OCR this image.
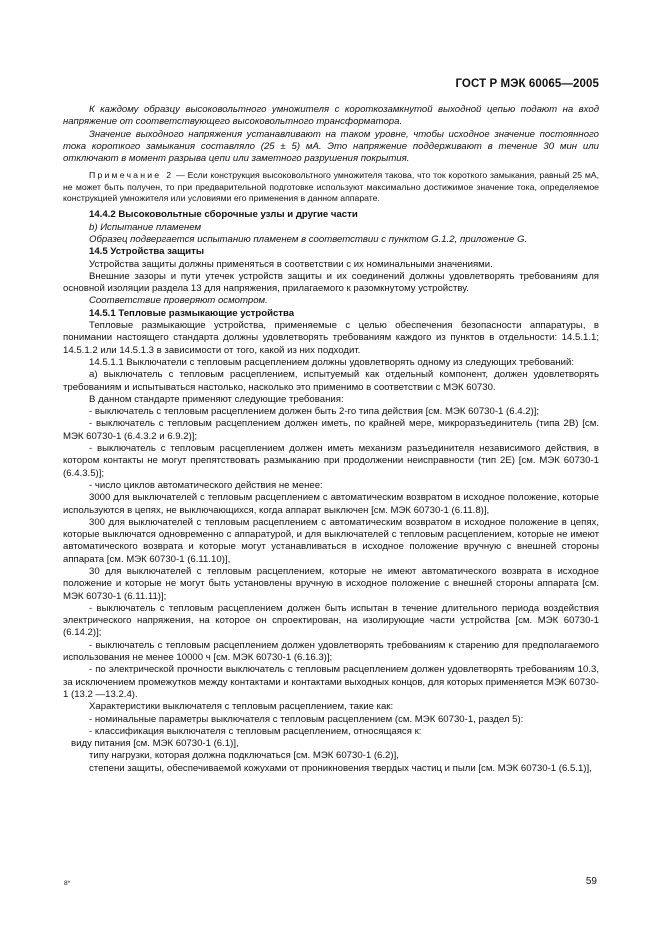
ГОСТ Р МЭК 60065—2005

К каждому образцу высоковольтного умножителя с короткозамкнутой выходной цепью подают на вход напряжение от соответствующего высоковольтного трансформатора.

Значение выходного напряжения устанавливают на таком уровне, чтобы исходное значение постоянного тока короткого замыкания составляло (25 ± 5) мА. Это напряжение поддерживают в течение 30 мин или отключают в момент разрыва цепи или заметного разрушения покрытия.

Примечание 2 — Если конструкция высоковольтного умножителя такова, что ток короткого замыкания, равный 25 мА, не может быть получен, то при предварительной подготовке используют максимально достижимое значение тока, определяемое конструкцией умножителя или условиями его применения в данном аппарате.

14.4.2 Высоковольтные сборочные узлы и другие части

b) Испытание пламенем

Образец подвергается испытанию пламенем в соответствии с пунктом G.1.2, приложение G.

14.5 Устройства защиты

Устройства защиты должны применяться в соответствии с их номинальными значениями.

Внешние зазоры и пути утечек устройств защиты и их соединений должны удовлетворять требованиям для основной изоляции раздела 13 для напряжения, прилагаемого к разомкнутому устройству.

Соответствие проверяют осмотром.

14.5.1 Тепловые размыкающие устройства

Тепловые размыкающие устройства, применяемые с целью обеспечения безопасности аппаратуры, в понимании настоящего стандарта должны удовлетворять требованиям каждого из пунктов в отдельности: 14.5.1.1; 14.5.1.2 или 14.5.1.3 в зависимости от того, какой из них подходит.

14.5.1.1 Выключатели с тепловым расцеплением должны удовлетворять одному из следующих требований:

а) выключатель с тепловым расцеплением, испытуемый как отдельный компонент, должен удовлетворять требованиям и испытываться настолько, насколько это применимо в соответствии с МЭК 60730.

В данном стандарте применяют следующие требования:

- выключатель с тепловым расцеплением должен быть 2-го типа действия [см. МЭК 60730-1 (6.4.2)];

- выключатель с тепловым расцеплением должен иметь, по крайней мере, микроразъединитель (типа 2В) [см. МЭК 60730-1 (6.4.3.2 и 6.9.2)];

- выключатель с тепловым расцеплением должен иметь механизм разъединителя независимого действия, в котором контакты не могут препятствовать размыканию при продолжении неисправности (тип 2Е) [см. МЭК 60730-1 (6.4.3.5)];

- число циклов автоматического действия не менее:

3000 для выключателей с тепловым расцеплением с автоматическим возвратом в исходное положение, которые используются в цепях, не выключающихся, когда аппарат выключен [см. МЭК 60730-1 (6.11.8)],

300 для выключателей с тепловым расцеплением с автоматическим возвратом в исходное положение в цепях, которые выключатся одновременно с аппаратурой, и для выключателей с тепловым расцеплением, которые не имеют автоматического возврата и которые могут устанавливаться в исходное положение вручную с внешней стороны аппарата [см. МЭК 60730-1 (6.11.10)],

30 для выключателей с тепловым расцеплением, которые не имеют автоматического возврата в исходное положение и которые не могут быть установлены вручную в исходное положение с внешней стороны аппарата [см. МЭК 60730-1 (6.11.11)];

- выключатель с тепловым расцеплением должен быть испытан в течение длительного периода воздействия электрического напряжения, на которое он спроектирован, на изолирующие части устройства [см. МЭК 60730-1 (6.14.2)];

- выключатель с тепловым расцеплением должен удовлетворять требованиям к старению для предполагаемого использования не менее 10000 ч [см. МЭК 60730-1 (6.16.3)];

- по электрической прочности выключатель с тепловым расцеплением должен удовлетворять требованиям 10.3, за исключением промежутков между контактами и контактами выходных концов, для которых применяется МЭК 60730-1 (13.2 —13.2.4).

Характеристики выключателя с тепловым расцеплением, такие как:

- номинальные параметры выключателя с тепловым расцеплением (см. МЭК 60730-1, раздел 5):

- классификация выключателя с тепловым расцеплением, относящаяся к:

виду питания [см. МЭК 60730-1 (6.1)],

типу нагрузки, которая должна подключаться [см. МЭК 60730-1 (6.2)],

степени защиты, обеспечиваемой кожухами от проникновения твердых частиц и пыли [см. МЭК 60730-1 (6.5.1)],

8*	59
